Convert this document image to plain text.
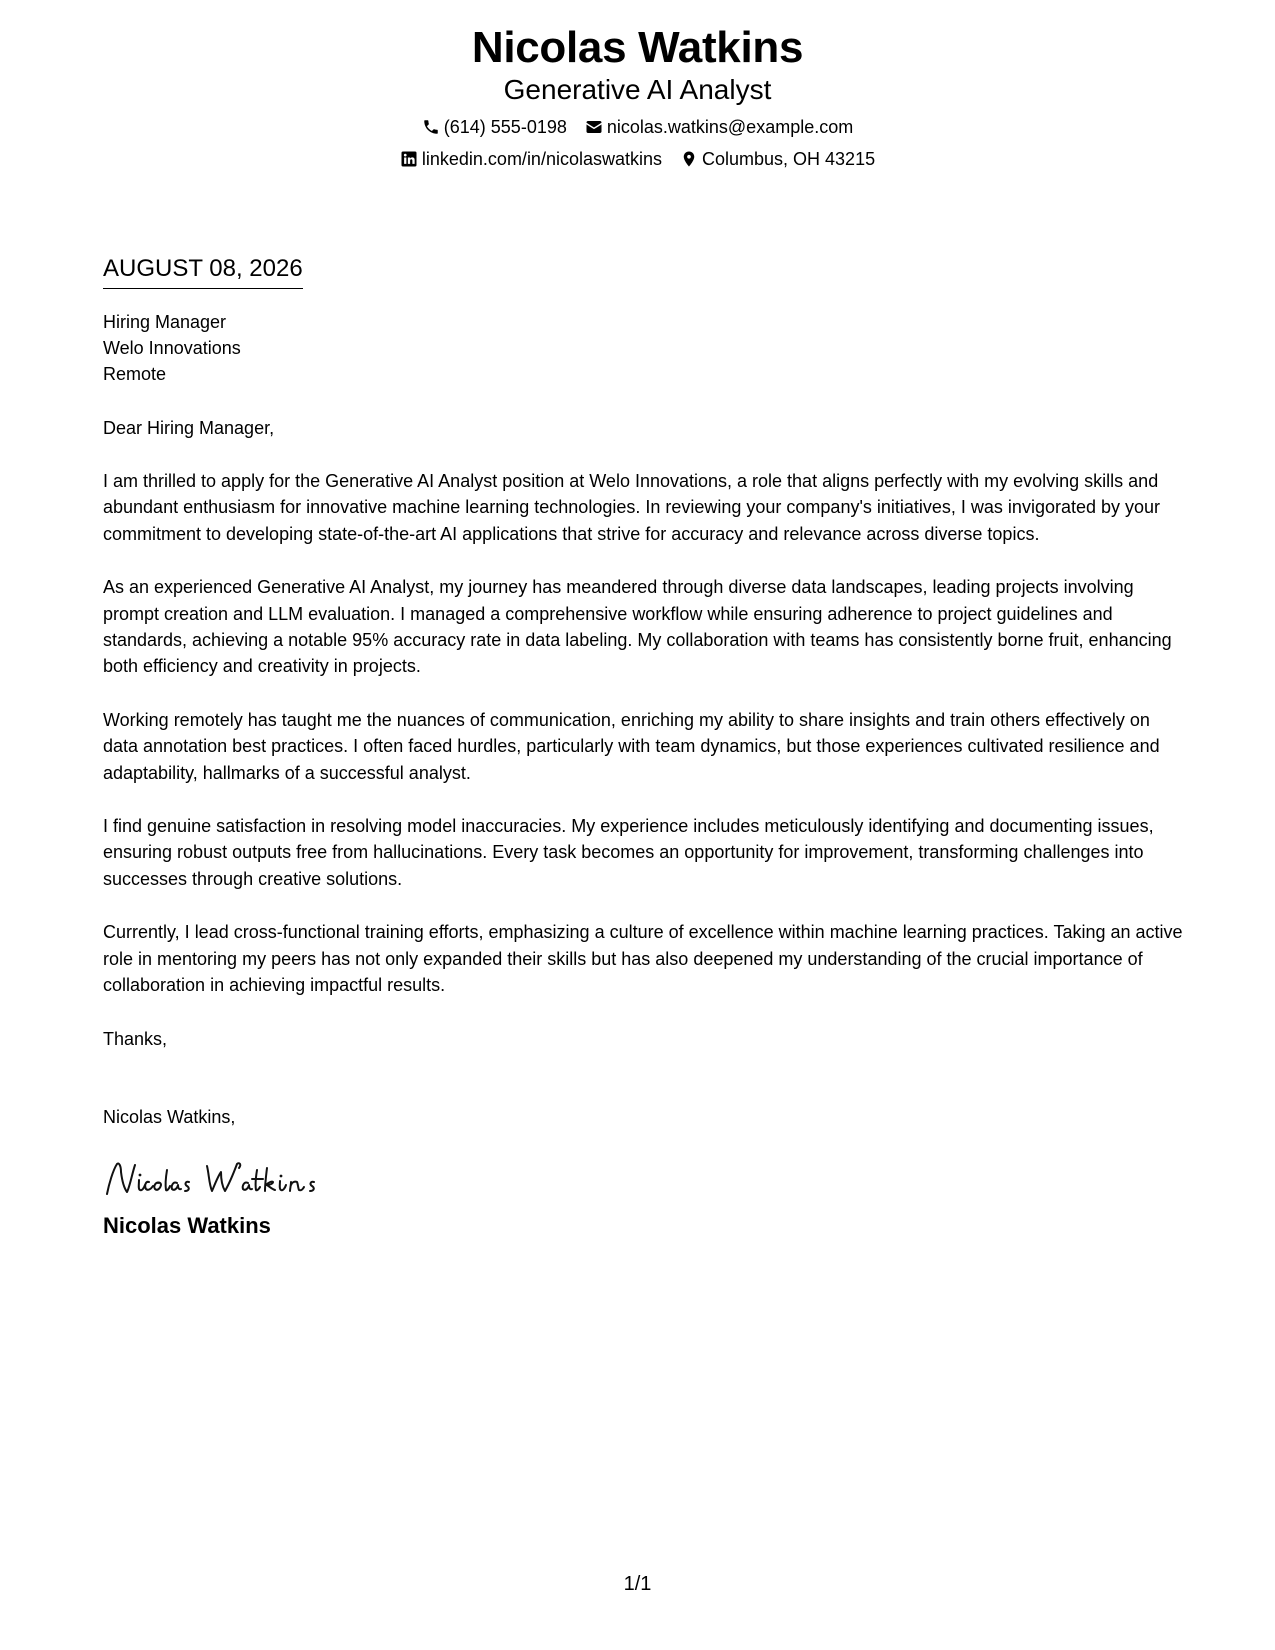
Nicolas Watkins
Generative AI Analyst
(614) 555-0198 nicolas.watkins@example.com
linkedin.com/in/nicolaswatkins Columbus, OH 43215
AUGUST 08, 2026
Hiring Manager
Welo Innovations
Remote
Dear Hiring Manager,
I am thrilled to apply for the Generative AI Analyst position at Welo Innovations, a role that aligns perfectly with my evolving skills and abundant enthusiasm for innovative machine learning technologies. In reviewing your company's initiatives, I was invigorated by your commitment to developing state-of-the-art AI applications that strive for accuracy and relevance across diverse topics.
As an experienced Generative AI Analyst, my journey has meandered through diverse data landscapes, leading projects involving prompt creation and LLM evaluation. I managed a comprehensive workflow while ensuring adherence to project guidelines and standards, achieving a notable 95% accuracy rate in data labeling. My collaboration with teams has consistently borne fruit, enhancing both efficiency and creativity in projects.
Working remotely has taught me the nuances of communication, enriching my ability to share insights and train others effectively on data annotation best practices. I often faced hurdles, particularly with team dynamics, but those experiences cultivated resilience and adaptability, hallmarks of a successful analyst.
I find genuine satisfaction in resolving model inaccuracies. My experience includes meticulously identifying and documenting issues, ensuring robust outputs free from hallucinations. Every task becomes an opportunity for improvement, transforming challenges into successes through creative solutions.
Currently, I lead cross-functional training efforts, emphasizing a culture of excellence within machine learning practices. Taking an active role in mentoring my peers has not only expanded their skills but has also deepened my understanding of the crucial importance of collaboration in achieving impactful results.
Thanks,
Nicolas Watkins,
Nicolas Watkins
1/1
